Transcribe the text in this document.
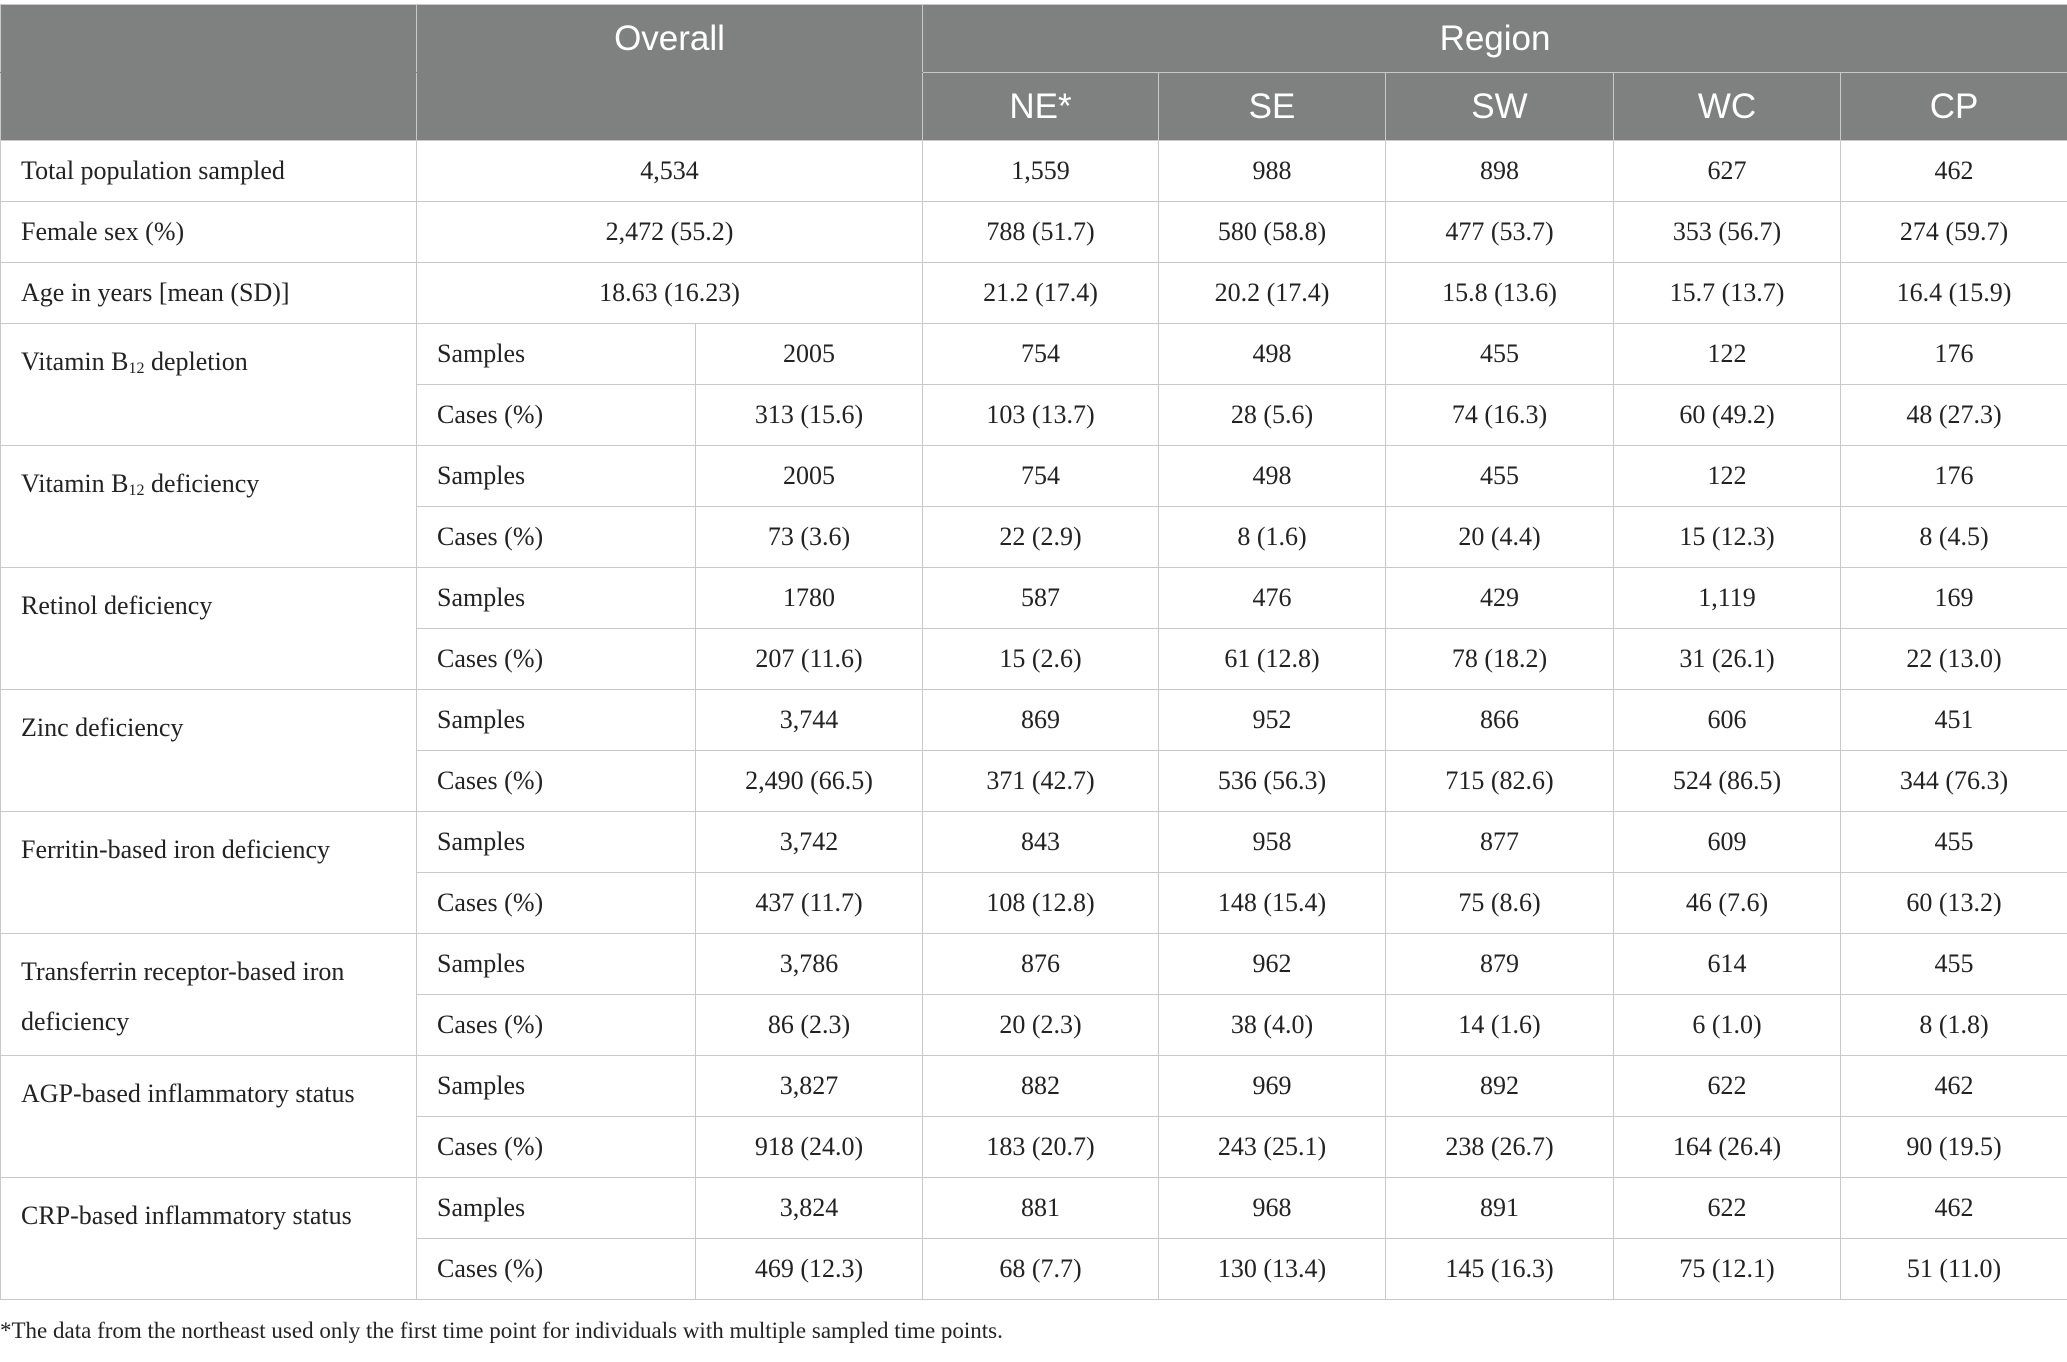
	Overall		Region				
			NE*	SE	SW	WC	CP
Total population sampled	4,534		1,559	988	898	627	462
Female sex (%)	2,472 (55.2)		788 (51.7)	580 (58.8)	477 (53.7)	353 (56.7)	274 (59.7)
Age in years [mean (SD)]	18.63 (16.23)		21.2 (17.4)	20.2 (17.4)	15.8 (13.6)	15.7 (13.7)	16.4 (15.9)
Vitamin $B_{12}$ depletion	Samples	2005	754	498	455	122	176
	Cases (%)	313 (15.6)	103 (13.7)	28 (5.6)	74 (16.3)	60 (49.2)	48 (27.3)
Vitamin $B_{12}$ deficiency	Samples	2005	754	498	455	122	176
	Cases (%)	73 (3.6)	22 (2.9)	8 (1.6)	20 (4.4)	15 (12.3)	8 (4.5)
Retinol deficiency	Samples	1780	587	476	429	1,119	169
	Cases (%)	207 (11.6)	15 (2.6)	61 (12.8)	78 (18.2)	31 (26.1)	22 (13.0)
Zinc deficiency	Samples	3,744	869	952	866	606	451
	Cases (%)	2,490 (66.5)	371 (42.7)	536 (56.3)	715 (82.6)	524 (86.5)	344 (76.3)
Ferritin-based iron deficiency	Samples	3,742	843	958	877	609	455
	Cases (%)	437 (11.7)	108 (12.8)	148 (15.4)	75 (8.6)	46 (7.6)	60 (13.2)
Transferrin receptor-based iron deficiency	Samples	3,786	876	962	879	614	455
	Cases (%)	86 (2.3)	20 (2.3)	38 (4.0)	14 (1.6)	6 (1.0)	8 (1.8)
AGP-based inflammatory status	Samples	3,827	882	969	892	622	462
	Cases (%)	918 (24.0)	183 (20.7)	243 (25.1)	238 (26.7)	164 (26.4)	90 (19.5)
CRP-based inflammatory status	Samples	3,824	881	968	891	622	462
	Cases (%)	469 (12.3)	68 (7.7)	130 (13.4)	145 (16.3)	75 (12.1)	51 (11.0)
*The data from the northeast used only the first time point for individuals with multiple sampled time points.
